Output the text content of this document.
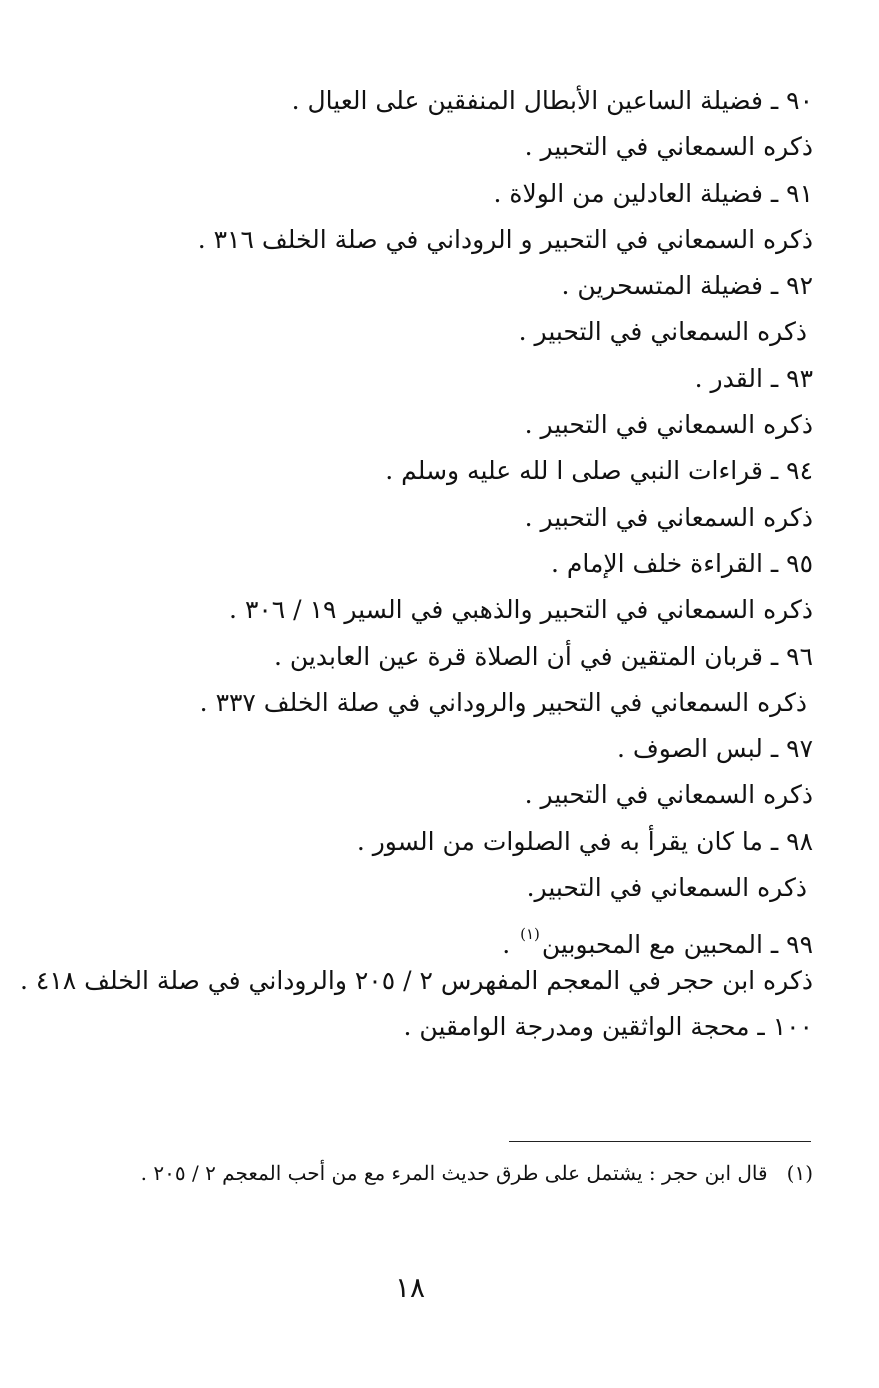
٩٠ ـ فضيلة الساعين الأبطال المنفقين على العيال .
ذكره السمعاني في التحبير .
٩١ ـ فضيلة العادلين من الولاة .
ذكره السمعاني في التحبير و الروداني في صلة الخلف ٣١٦ .
٩٢ ـ فضيلة المتسحرين .
ذكره السمعاني في التحبير .
٩٣ ـ القدر .
ذكره السمعاني في التحبير .
٩٤ ـ قراءات النبي صلى ا لله عليه وسلم .
ذكره السمعاني في التحبير .
٩٥ ـ القراءة خلف الإمام .
ذكره السمعاني في التحبير والذهبي في السير ١٩ / ٣٠٦ .
٩٦ ـ قربان المتقين في أن الصلاة قرة عين العابدين .
ذكره السمعاني في التحبير والروداني في صلة الخلف ٣٣٧ .
٩٧ ـ لبس الصوف .
ذكره السمعاني في التحبير .
٩٨ ـ ما كان يقرأ به في الصلوات من السور .
ذكره السمعاني في التحبير.
٩٩ ـ المحبين مع المحبوبين$^{(١)}$ .
ذكره ابن حجر في المعجم المفهرس ٢ / ٢٠٥ والروداني في صلة الخلف ٤١٨ .
١٠٠ ـ محجة الواثقين ومدرجة الوامقين .
(١)   قال ابن حجر : يشتمل على طرق حديث المرء مع من أحب المعجم ٢ / ٢٠٥ .
١٨
